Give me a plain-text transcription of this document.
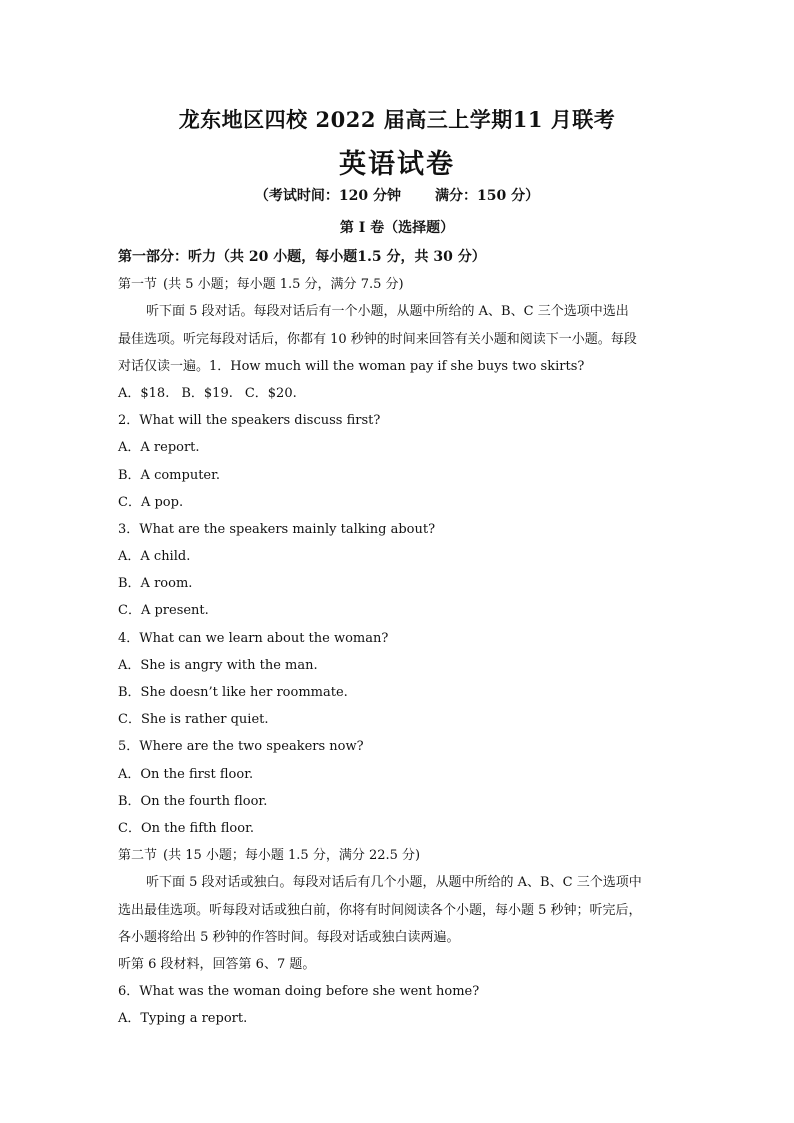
龙东地区四校 2022 届高三上学期11 月联考
英语试卷
（考试时间：120 分钟 满分：150 分）
第 I 卷（选择题）
第一部分：听力（共 20 小题，每小题1.5 分，共 30 分）
第一节 (共 5 小题；每小题 1.5 分，满分 7.5 分)
听下面 5 段对话。每段对话后有一个小题，从题中所给的 A、B、C 三个选项中选出
最佳选项。听完每段对话后，你都有 10 秒钟的时间来回答有关小题和阅读下一小题。每段
对话仅读一遍。1．How much will the woman pay if she buys two skirts?
A．$18. B．$19. C．$20.
2．What will the speakers discuss first?
A．A report.
B．A computer.
C．A pop.
3．What are the speakers mainly talking about?
A．A child.
B．A room.
C．A present.
4．What can we learn about the woman?
A．She is angry with the man.
B．She doesn’t like her roommate.
C．She is rather quiet.
5．Where are the two speakers now?
A．On the first floor.
B．On the fourth floor.
C．On the fifth floor.
第二节 (共 15 小题；每小题 1.5 分，满分 22.5 分)
听下面 5 段对话或独白。每段对话后有几个小题，从题中所给的 A、B、C 三个选项中
选出最佳选项。听每段对话或独白前，你将有时间阅读各个小题，每小题 5 秒钟；听完后，
各小题将给出 5 秒钟的作答时间。每段对话或独白读两遍。
听第 6 段材料，回答第 6、7 题。
6．What was the woman doing before she went home?
A．Typing a report.
